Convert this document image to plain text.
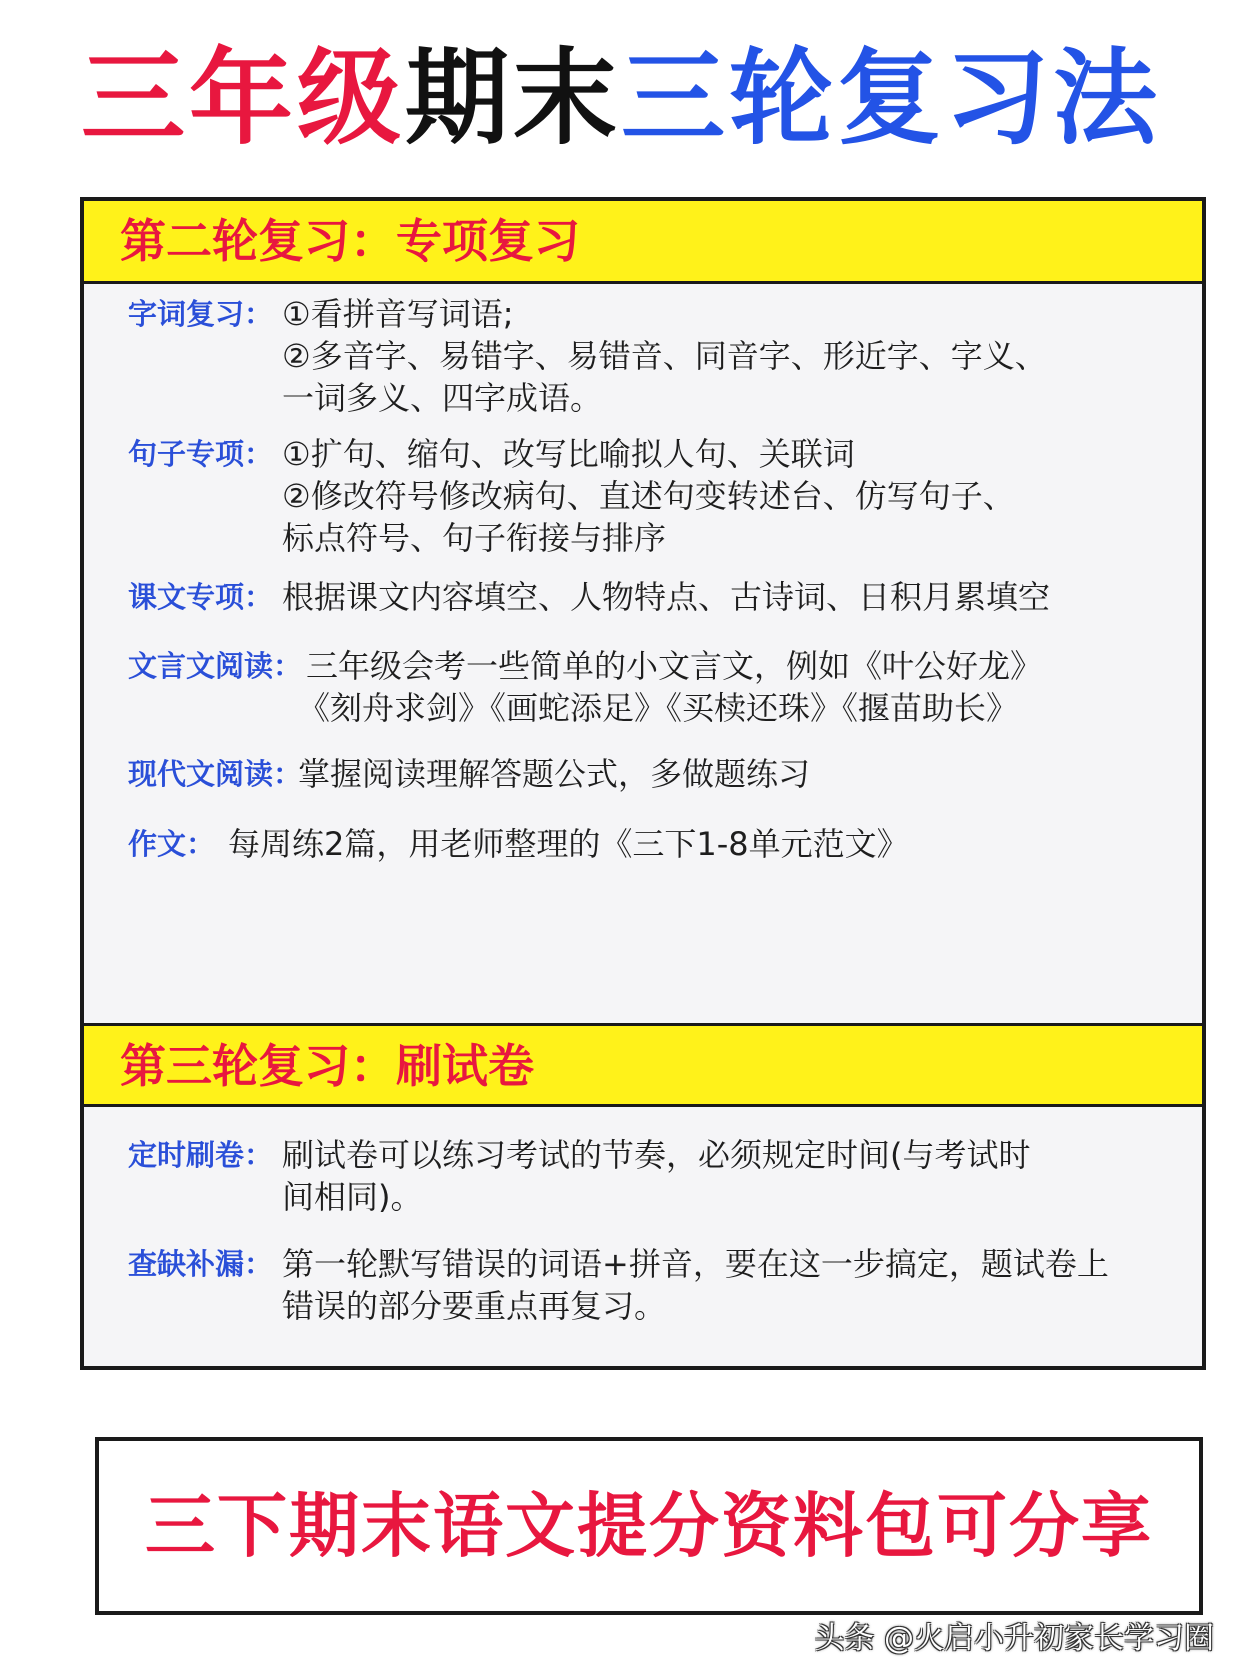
三年级期末三轮复习法
第二轮复习：专项复习
字词复习： ①看拼音写词语;
②多音字、易错字、易错音、同音字、形近字、字义、
一词多义、四字成语。
句子专项： ①扩句、缩句、改写比喻拟人句、关联词
②修改符号修改病句、直述句变转述台、仿写句子、
标点符号、句子衔接与排序
课文专项： 根据课文内容填空、人物特点、古诗词、日积月累填空
文言文阅读： 三年级会考一些简单的小文言文，例如《叶公好龙》
《刻舟求剑》《画蛇添足》《买椟还珠》《揠苗助长》
现代文阅读：
掌握阅读理解答题公式，多做题练习
作文： 每周练2篇，用老师整理的《三下1-8单元范文》
第三轮复习：刷试卷
定时刷卷： 刷试卷可以练习考试的节奏，必须规定时间(与考试时
间相同)。
查缺补漏： 第一轮默写错误的词语+拼音，要在这一步搞定，题试卷上
错误的部分要重点再复习。
三下期末语文提分资料包可分享
头条 @火启小升初家长学习圈
